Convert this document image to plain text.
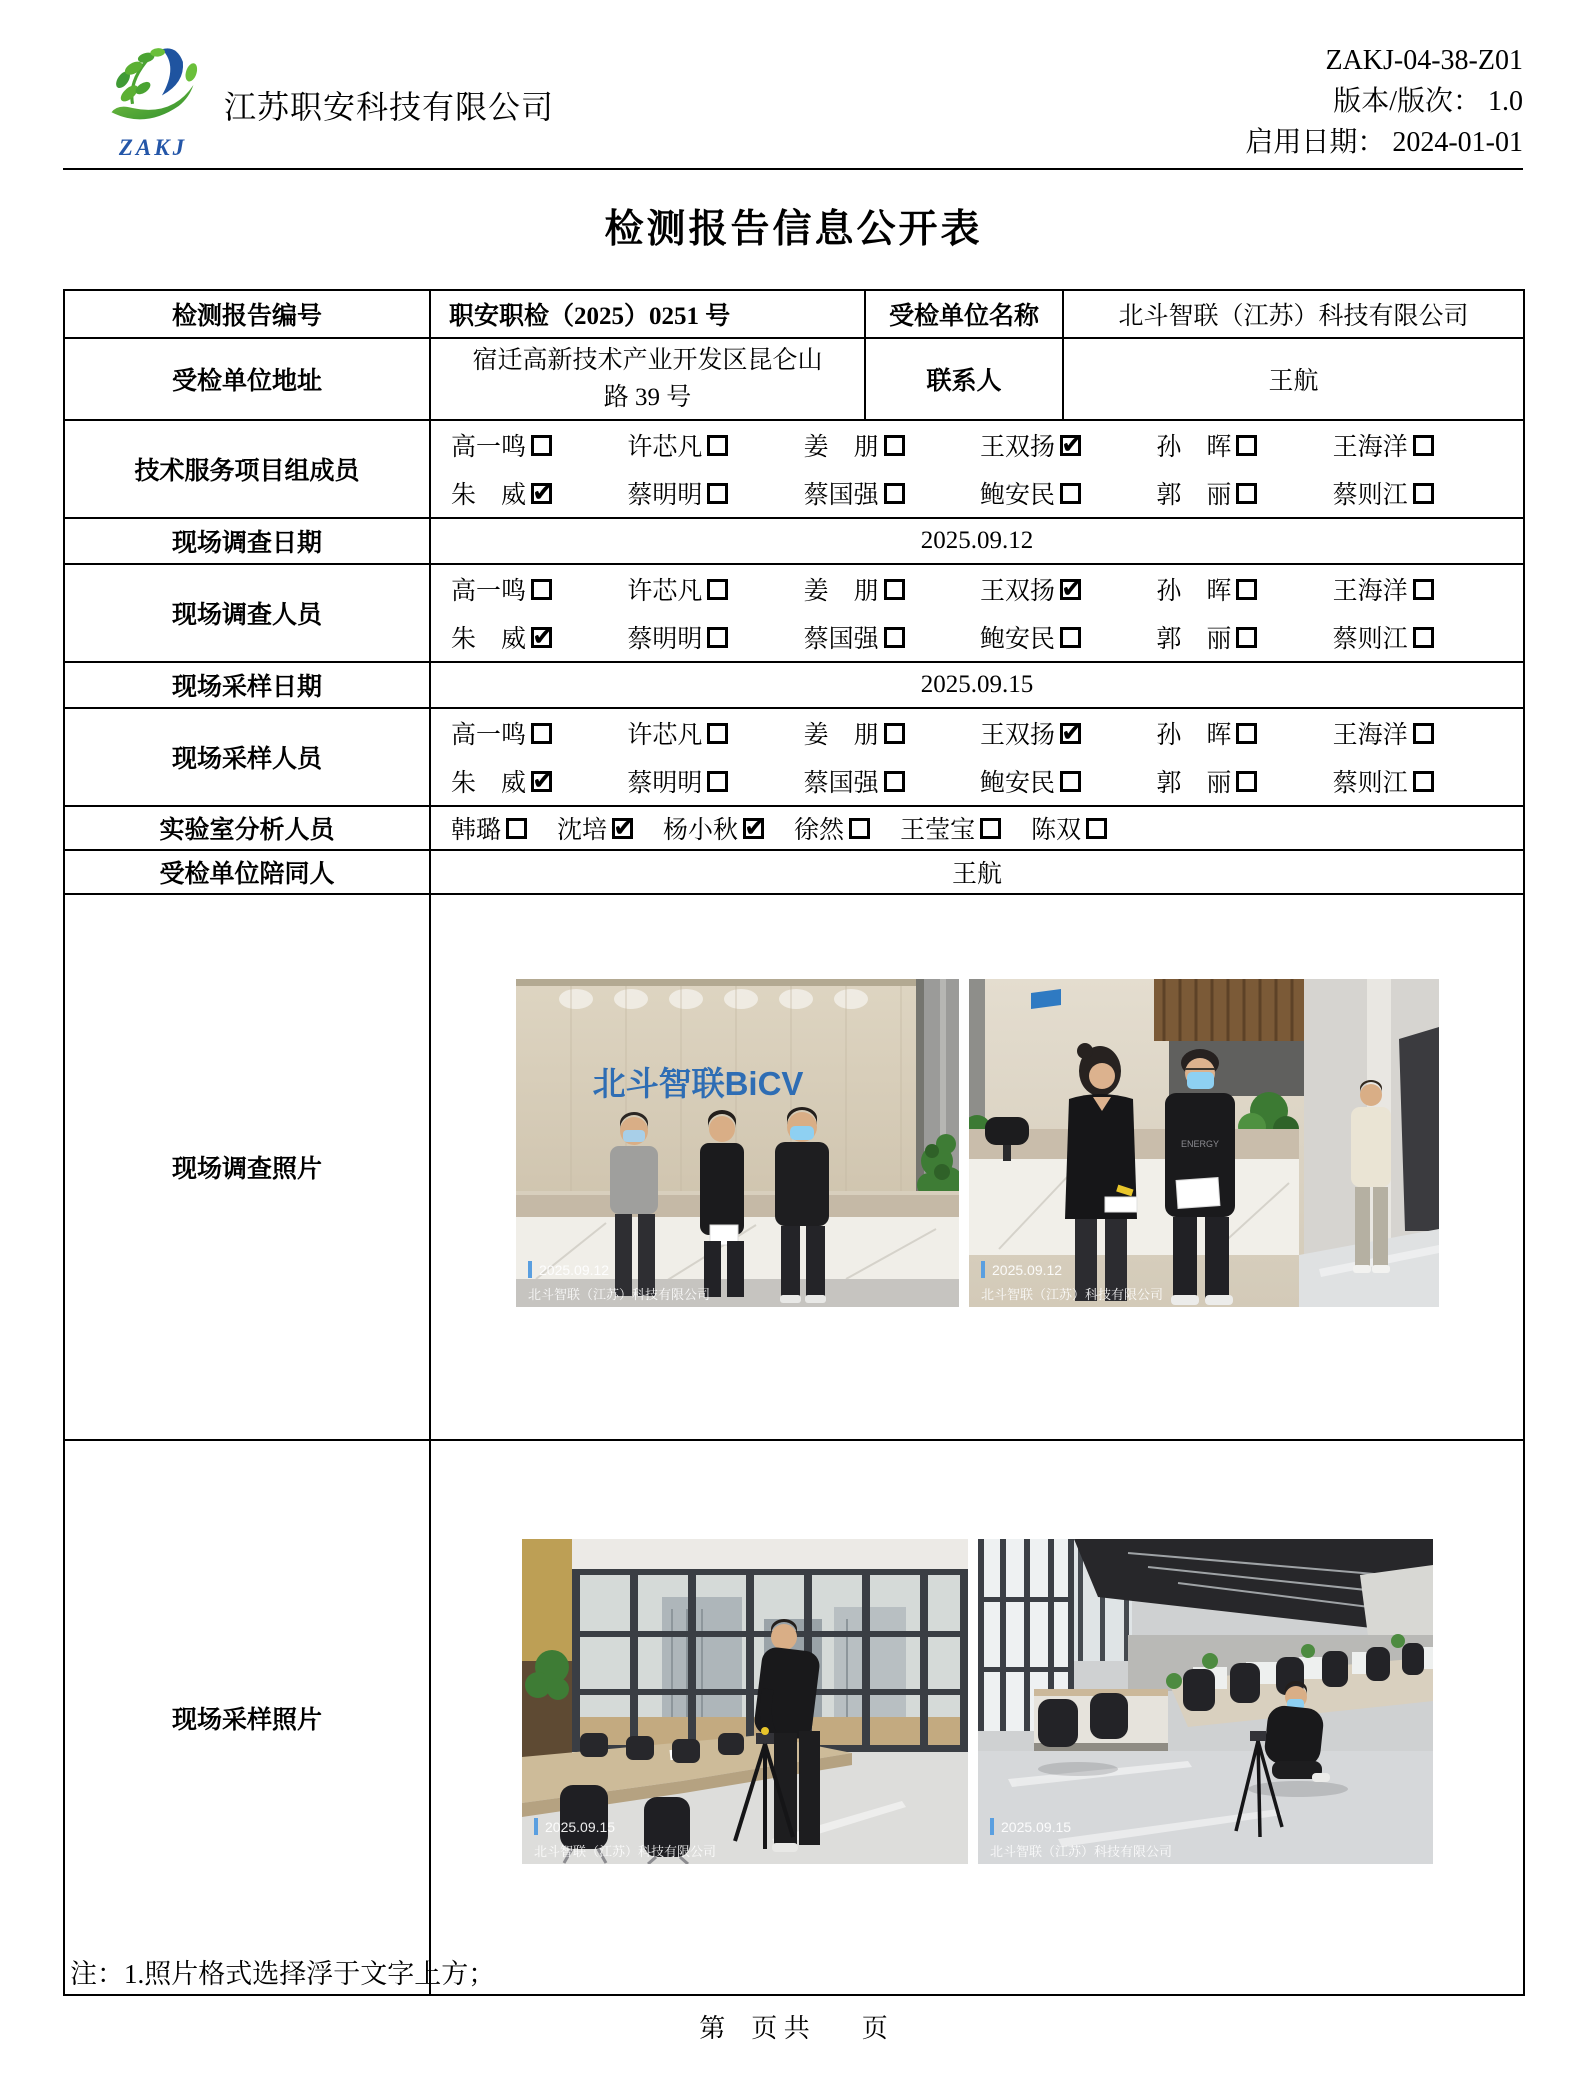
ZAKJ
江苏职安科技有限公司
ZAKJ-04-38-Z01
版本/版次： 1.0
启用日期： 2024-01-01
检测报告信息公开表
检测报告编号	职安职检（2025）0251 号	受检单位名称	北斗智联（江苏）科技有限公司
受检单位地址	宿迁高新技术产业开发区昆仑山路 39 号	联系人	王航
技术服务项目组成员	
高一鸣	许芯凡	姜　朋	王双扬 ✔	孙　晖	王海洋
朱　威 ✔	蔡明明	蔡国强	鲍安民	郭　丽	蔡则江

现场调查日期	2025.09.12		
现场调查人员	
高一鸣	许芯凡	姜　朋	王双扬 ✔	孙　晖	王海洋
朱　威 ✔	蔡明明	蔡国强	鲍安民	郭　丽	蔡则江

现场采样日期	2025.09.15		
现场采样人员	
高一鸣	许芯凡	姜　朋	王双扬 ✔	孙　晖	王海洋
朱　威 ✔	蔡明明	蔡国强	鲍安民	郭　丽	蔡则江

实验室分析人员	韩璐 沈培 ✔ 杨小秋 ✔ 徐然 王莹宝 陈双

受检单位陪同人	王航		
现场调查照片	
北斗智联BiCV
2025.09.12
北斗智联（江苏）科技有限公司
ENERGY
2025.09.12
北斗智联（江苏）科技有限公司

现场采样照片	2025.09.15
北斗智联（江苏）科技有限公司
2025.09.15
北斗智联（江苏）科技有限公司		
注：1.照片格式选择浮于文字上方；
第　页 共　　页
